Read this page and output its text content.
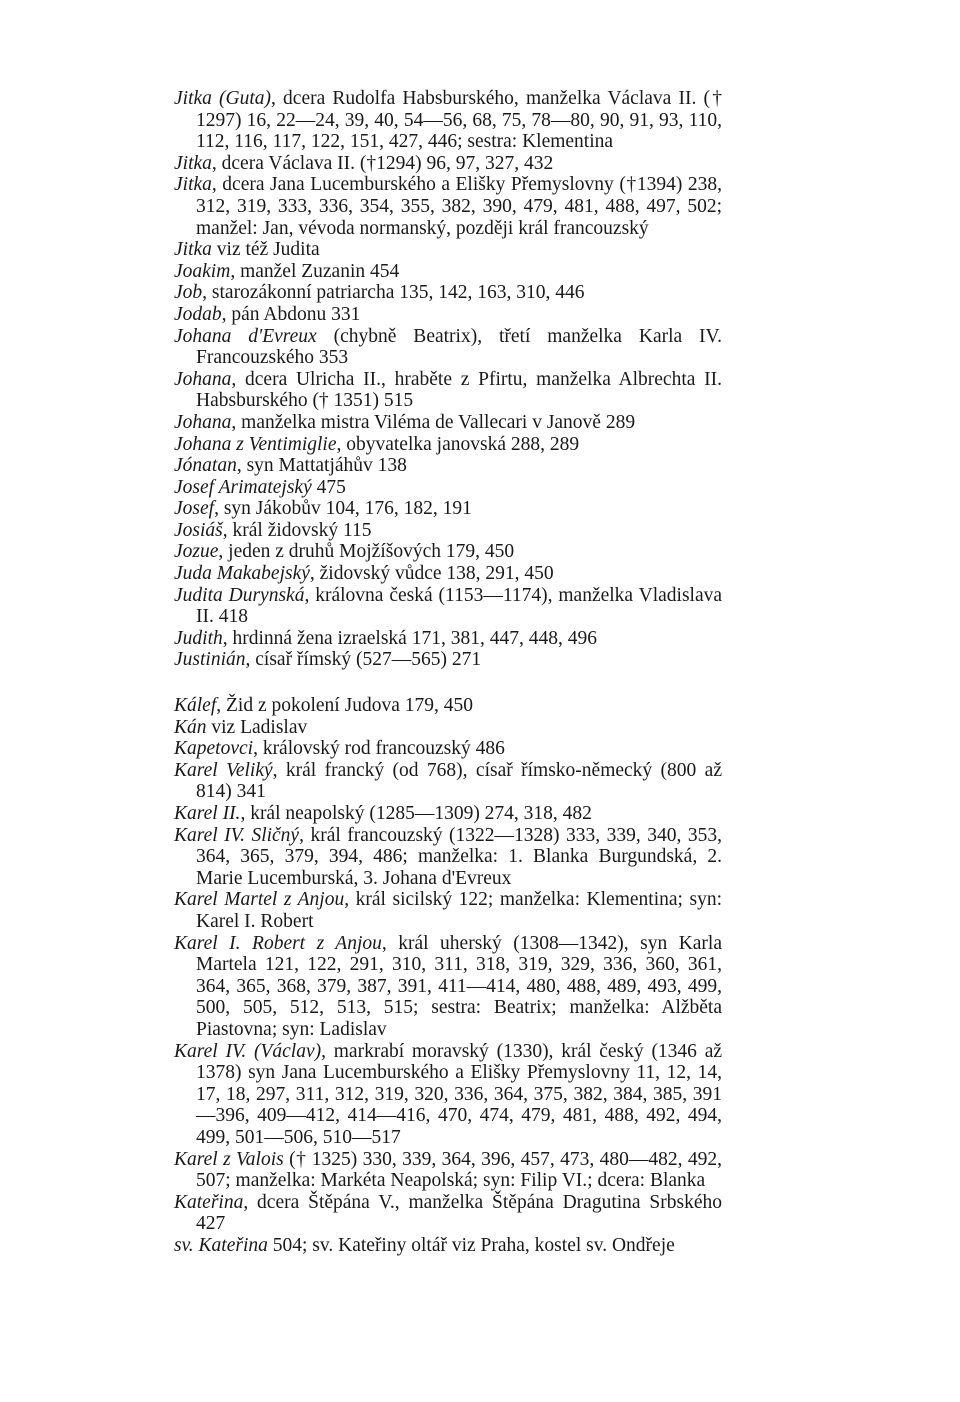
Jitka (Guta), dcera Rudolfa Habsburského, manželka Václava II. († 1297) 16, 22—24, 39, 40, 54—56, 68, 75, 78—80, 90, 91, 93, 110, 112, 116, 117, 122, 151, 427, 446; sestra: Klementina

Jitka, dcera Václava II. (†1294) 96, 97, 327, 432

Jitka, dcera Jana Lucemburského a Elišky Přemyslovny (†1394) 238, 312, 319, 333, 336, 354, 355, 382, 390, 479, 481, 488, 497, 502; manžel: Jan, vévoda normanský, později král francouzský

Jitka viz též Judita

Joakim, manžel Zuzanin 454

Job, starozákonní patriarcha 135, 142, 163, 310, 446

Jodab, pán Abdonu 331

Johana d'Evreux (chybně Beatrix), třetí manželka Karla IV. Francouzského 353

Johana, dcera Ulricha II., hraběte z Pfirtu, manželka Albrechta II. Habsburského († 1351) 515

Johana, manželka mistra Viléma de Vallecari v Janově 289

Johana z Ventimiglie, obyvatelka janovská 288, 289

Jónatan, syn Mattatjáhův 138

Josef Arimatejský 475

Josef, syn Jákobův 104, 176, 182, 191

Josiáš, král židovský 115

Jozue, jeden z druhů Mojžíšových 179, 450

Juda Makabejský, židovský vůdce 138, 291, 450

Judita Durynská, královna česká (1153—1174), manželka Vladislava II. 418

Judith, hrdinná žena izraelská 171, 381, 447, 448, 496

Justinián, císař římský (527—565) 271

Kálef, Žid z pokolení Judova 179, 450

Kán viz Ladislav

Kapetovci, královský rod francouzský 486

Karel Veliký, král francký (od 768), císař římsko-německý (800 až 814) 341

Karel II., král neapolský (1285—1309) 274, 318, 482

Karel IV. Sličný, král francouzský (1322—1328) 333, 339, 340, 353, 364, 365, 379, 394, 486; manželka: 1. Blanka Burgundská, 2. Marie Lucemburská, 3. Johana d'Evreux

Karel Martel z Anjou, král sicilský 122; manželka: Klementina; syn: Karel I. Robert

Karel I. Robert z Anjou, král uherský (1308—1342), syn Karla Martela 121, 122, 291, 310, 311, 318, 319, 329, 336, 360, 361, 364, 365, 368, 379, 387, 391, 411—414, 480, 488, 489, 493, 499, 500, 505, 512, 513, 515; sestra: Beatrix; manželka: Alžběta Piastovna; syn: Ladislav

Karel IV. (Václav), markrabí moravský (1330), král český (1346 až 1378) syn Jana Lucemburského a Elišky Přemyslovny 11, 12, 14, 17, 18, 297, 311, 312, 319, 320, 336, 364, 375, 382, 384, 385, 391—396, 409—412, 414—416, 470, 474, 479, 481, 488, 492, 494, 499, 501—506, 510—517

Karel z Valois († 1325) 330, 339, 364, 396, 457, 473, 480—482, 492, 507; manželka: Markéta Neapolská; syn: Filip VI.; dcera: Blanka

Kateřina, dcera Štěpána V., manželka Štěpána Dragutina Srbského 427

sv. Kateřina 504; sv. Kateřiny oltář viz Praha, kostel sv. Ondřeje
